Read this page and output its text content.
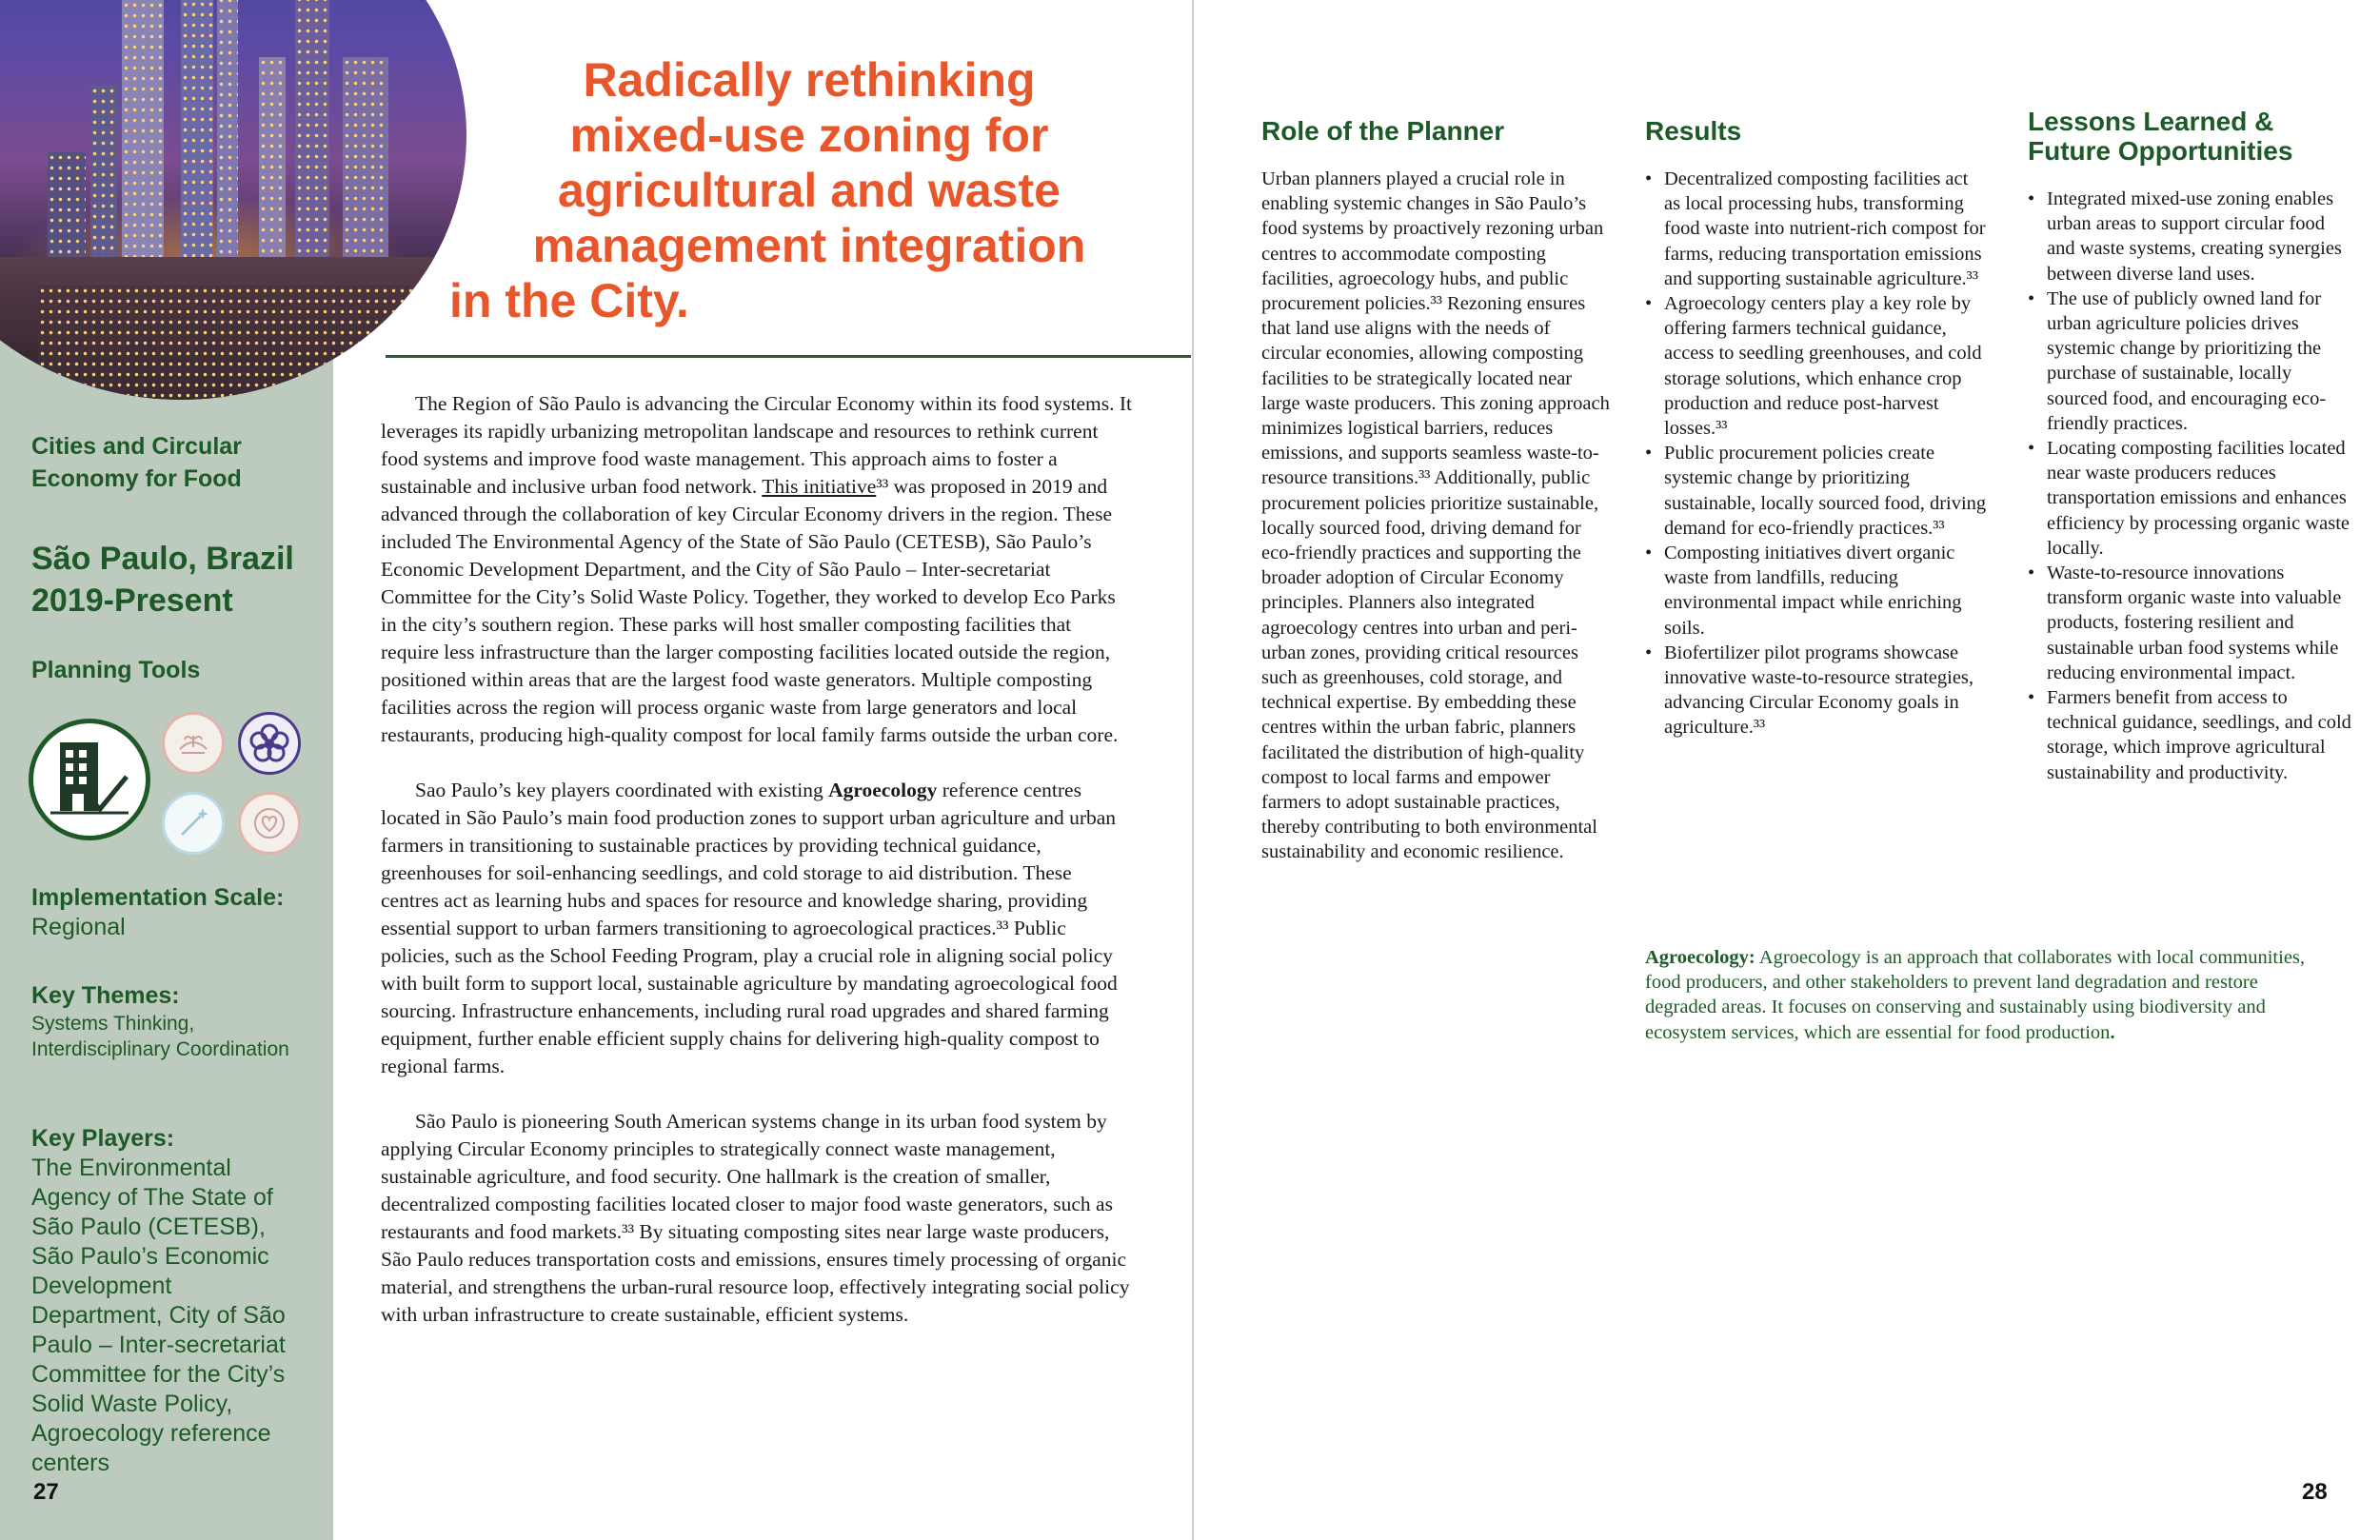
Cities and Circular Economy for Food
São Paulo, Brazil
2019-Present
Planning Tools
Implementation Scale:
Regional
Key Themes:
Systems Thinking, Interdisciplinary Coordination
Key Players:
The Environmental Agency of The State of São Paulo (CETESB), São Paulo’s Economic Development Department, City of São Paulo – Inter-secretariat Committee for the City’s Solid Waste Policy, Agroecology reference centers
27
Radically rethinking
mixed-use zoning for
agricultural and waste
management integration
in the City.

The Region of São Paulo is advancing the Circular Economy within its food systems. It leverages its rapidly urbanizing metropolitan landscape and resources to rethink current food systems and improve food waste management. This approach aims to foster a sustainable and inclusive urban food network. This initiative³³ was proposed in 2019 and advanced through the collaboration of key Circular Economy drivers in the region. These included The Environmental Agency of the State of São Paulo (CETESB), São Paulo’s Economic Development Department, and the City of São Paulo – Inter-secretariat Committee for the City’s Solid Waste Policy. Together, they worked to develop Eco Parks in the city’s southern region. These parks will host smaller composting facilities that require less infrastructure than the larger composting facilities located outside the region, positioned within areas that are the largest food waste generators. Multiple composting facilities across the region will process organic waste from large generators and local restaurants, producing high-quality compost for local family farms outside the urban core.

Sao Paulo’s key players coordinated with existing Agroecology reference centres located in São Paulo’s main food production zones to support urban agriculture and urban farmers in transitioning to sustainable practices by providing technical guidance, greenhouses for soil-enhancing seedlings, and cold storage to aid distribution. These centres act as learning hubs and spaces for resource and knowledge sharing, providing essential support to urban farmers transitioning to agroecological practices.³³ Public policies, such as the School Feeding Program, play a crucial role in aligning social policy with built form to support local, sustainable agriculture by mandating agroecological food sourcing. Infrastructure enhancements, including rural road upgrades and shared farming equipment, further enable efficient supply chains for delivering high-quality compost to regional farms.

São Paulo is pioneering South American systems change in its urban food system by applying Circular Economy principles to strategically connect waste management, sustainable agriculture, and food security. One hallmark is the creation of smaller, decentralized composting facilities located closer to major food waste generators, such as restaurants and food markets.³³ By situating composting sites near large waste producers, São Paulo reduces transportation costs and emissions, ensures timely processing of organic material, and strengthens the urban-rural resource loop, effectively integrating social policy with urban infrastructure to create sustainable, efficient systems.

Role of the Planner
Urban planners played a crucial role in enabling systemic changes in São Paulo’s food systems by proactively rezoning urban centres to accommodate composting facilities, agroecology hubs, and public procurement policies.³³ Rezoning ensures that land use aligns with the needs of circular economies, allowing composting facilities to be strategically located near large waste producers. This zoning approach minimizes logistical barriers, reduces emissions, and supports seamless waste-to-resource transitions.³³ Additionally, public procurement policies prioritize sustainable, locally sourced food, driving demand for eco-friendly practices and supporting the broader adoption of Circular Economy principles. Planners also integrated agroecology centres into urban and peri-urban zones, providing critical resources such as greenhouses, cold storage, and technical expertise. By embedding these centres within the urban fabric, planners facilitated the distribution of high-quality compost to local farms and empower farmers to adopt sustainable practices, thereby contributing to both environmental sustainability and economic resilience.
Results
• Decentralized composting facilities act as local processing hubs, transforming food waste into nutrient-rich compost for farms, reducing transportation emissions and supporting sustainable agriculture.³³
• Agroecology centers play a key role by offering farmers technical guidance, access to seedling greenhouses, and cold storage solutions, which enhance crop production and reduce post-harvest losses.³³
• Public procurement policies create systemic change by prioritizing sustainable, locally sourced food, driving demand for eco-friendly practices.³³
• Composting initiatives divert organic waste from landfills, reducing environmental impact while enriching soils.
• Biofertilizer pilot programs showcase innovative waste-to-resource strategies, advancing Circular Economy goals in agriculture.³³
Lessons Learned & Future Opportunities
• Integrated mixed-use zoning enables urban areas to support circular food and waste systems, creating synergies between diverse land uses.
• The use of publicly owned land for urban agriculture policies drives systemic change by prioritizing the purchase of sustainable, locally sourced food, and encouraging eco-friendly practices.
• Locating composting facilities located near waste producers reduces transportation emissions and enhances efficiency by processing organic waste locally.
• Waste-to-resource innovations transform organic waste into valuable products, fostering resilient and sustainable urban food systems while reducing environmental impact.
• Farmers benefit from access to technical guidance, seedlings, and cold storage, which improve agricultural sustainability and productivity.
Agroecology: Agroecology is an approach that collaborates with local communities, food producers, and other stakeholders to prevent land degradation and restore degraded areas. It focuses on conserving and sustainably using biodiversity and ecosystem services, which are essential for food production.
28
